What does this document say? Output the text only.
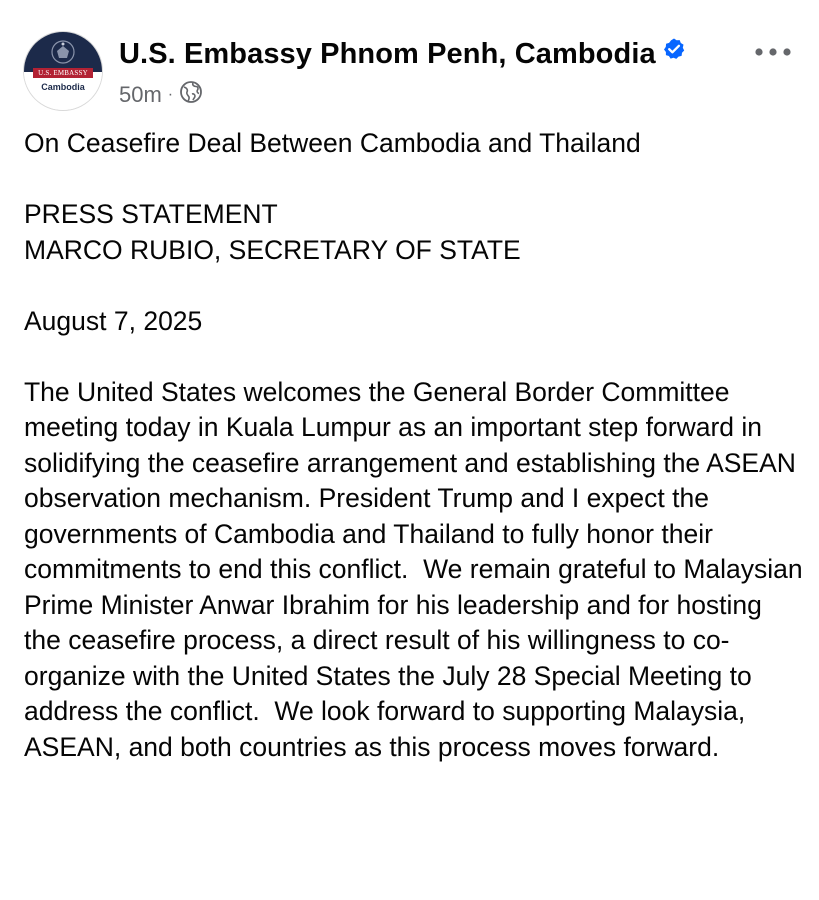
U.S. EMBASSY
Cambodia
U.S. Embassy Phnom Penh, Cambodia
50m ·

On Ceasefire Deal Between Cambodia and Thailand

PRESS STATEMENT
MARCO RUBIO, SECRETARY OF STATE

August 7, 2025

The United States welcomes the General Border Committee meeting today in Kuala Lumpur as an important step forward in solidifying the ceasefire arrangement and establishing the ASEAN observation mechanism. President Trump and I expect the governments of Cambodia and Thailand to fully honor their commitments to end this conflict.  We remain grateful to Malaysian Prime Minister Anwar Ibrahim for his leadership and for hosting the ceasefire process, a direct result of his willingness to co-organize with the United States the July 28 Special Meeting to address the conflict.  We look forward to supporting Malaysia, ASEAN, and both countries as this process moves forward.
